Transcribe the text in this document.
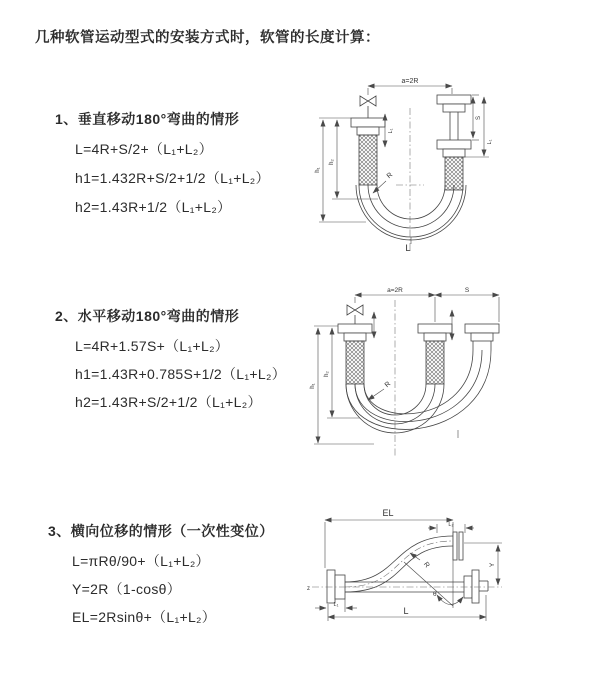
几种软管运动型式的安装方式时，软管的长度计算：
1、垂直移动180°弯曲的情形
L=4R+S/2+（L₁+L₂）
h1=1.432R+S/2+1/2（L₁+L₂）
h2=1.43R+1/2（L₁+L₂）
2、水平移动180°弯曲的情形
L=4R+1.57S+（L₁+L₂）
h1=1.43R+0.785S+1/2（L₁+L₂）
h2=1.43R+S/2+1/2（L₁+L₂）
3、横向位移的情形（一次性变位）
L=πRθ/90+（L₁+L₂）
Y=2R（1-cosθ）
EL=2Rsinθ+（L₁+L₂）
a=2R
L₁
S
L₁
h₁
h₂
R
L
a=2R	S
h₁
h₂
R
EL
L₂
z
Y
θ
R
L
L₁
